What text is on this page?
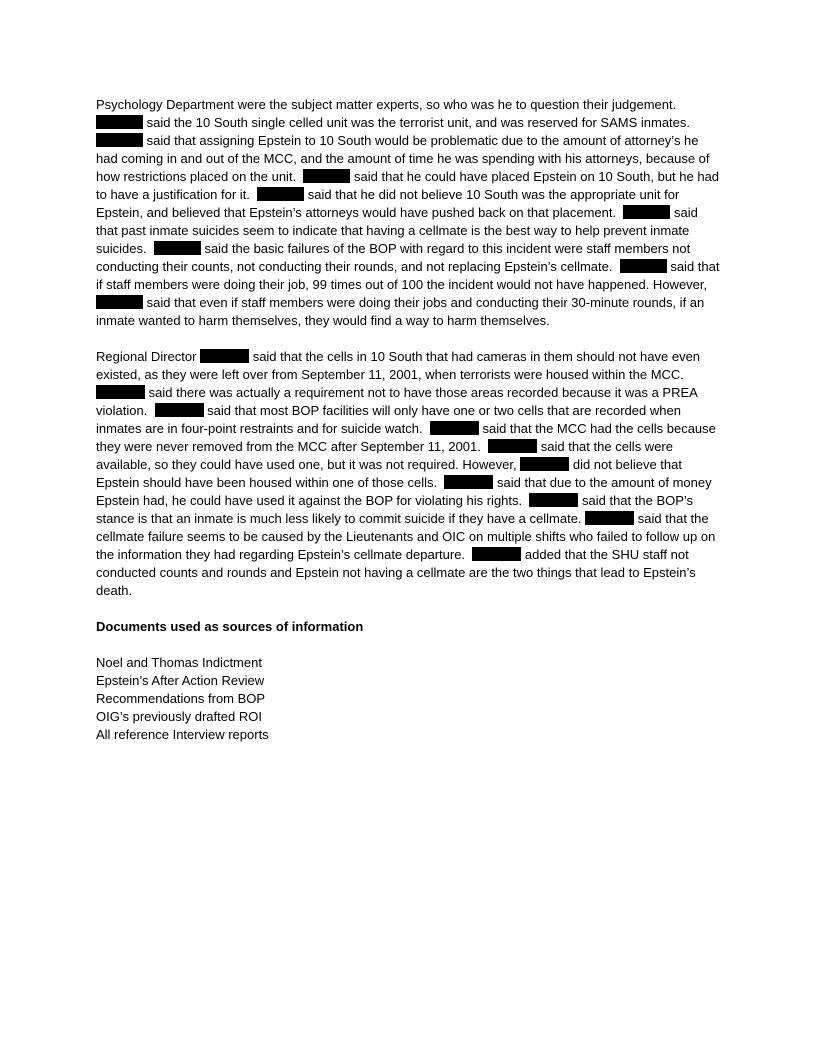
Psychology Department were the subject matter experts, so who was he to question their judgement.  said the 10 South single celled unit was the terrorist unit, and was reserved for SAMS inmates.  said that assigning Epstein to 10 South would be problematic due to the amount of attorney’s he had coming in and out of the MCC, and the amount of time he was spending with his attorneys, because of how restrictions placed on the unit.	said that he could have placed Epstein on 10 South, but he had to have a justification for it.	said that he did not believe 10 South was the appropriate unit for Epstein, and believed that Epstein’s attorneys would have pushed back on that placement.	said that past inmate suicides seem to indicate that having a cellmate is the best way to help prevent inmate suicides.	said the basic failures of the BOP with regard to this incident were staff members not conducting their counts, not conducting their rounds, and not replacing Epstein’s cellmate.	said that if staff members were doing their job, 99 times out of 100 the incident would not have happened. However,  said that even if staff members were doing their jobs and conducting their 30-minute rounds, if an inmate wanted to harm themselves, they would find a way to harm themselves.

Regional Director	said that the cells in 10 South that had cameras in them should not have even existed, as they were left over from September 11, 2001, when terrorists were housed within the MCC.  said there was actually a requirement not to have those areas recorded because it was a PREA violation.	said that most BOP facilities will only have one or two cells that are recorded when inmates are in four-point restraints and for suicide watch.	said that the MCC had the cells because they were never removed from the MCC after September 11, 2001.	said that the cells were available, so they could have used one, but it was not required. However,	did not believe that Epstein should have been housed within one of those cells.	said that due to the amount of money Epstein had, he could have used it against the BOP for violating his rights.	said that the BOP’s stance is that an inmate is much less likely to commit suicide if they have a cellmate.	said that the cellmate failure seems to be caused by the Lieutenants and OIC on multiple shifts who failed to follow up on the information they had regarding Epstein’s cellmate departure.	added that the SHU staff not conducted counts and rounds and Epstein not having a cellmate are the two things that lead to Epstein’s death.

Documents used as sources of information
Noel and Thomas Indictment
Epstein’s After Action Review
Recommendations from BOP
OIG’s previously drafted ROI
All reference Interview reports
